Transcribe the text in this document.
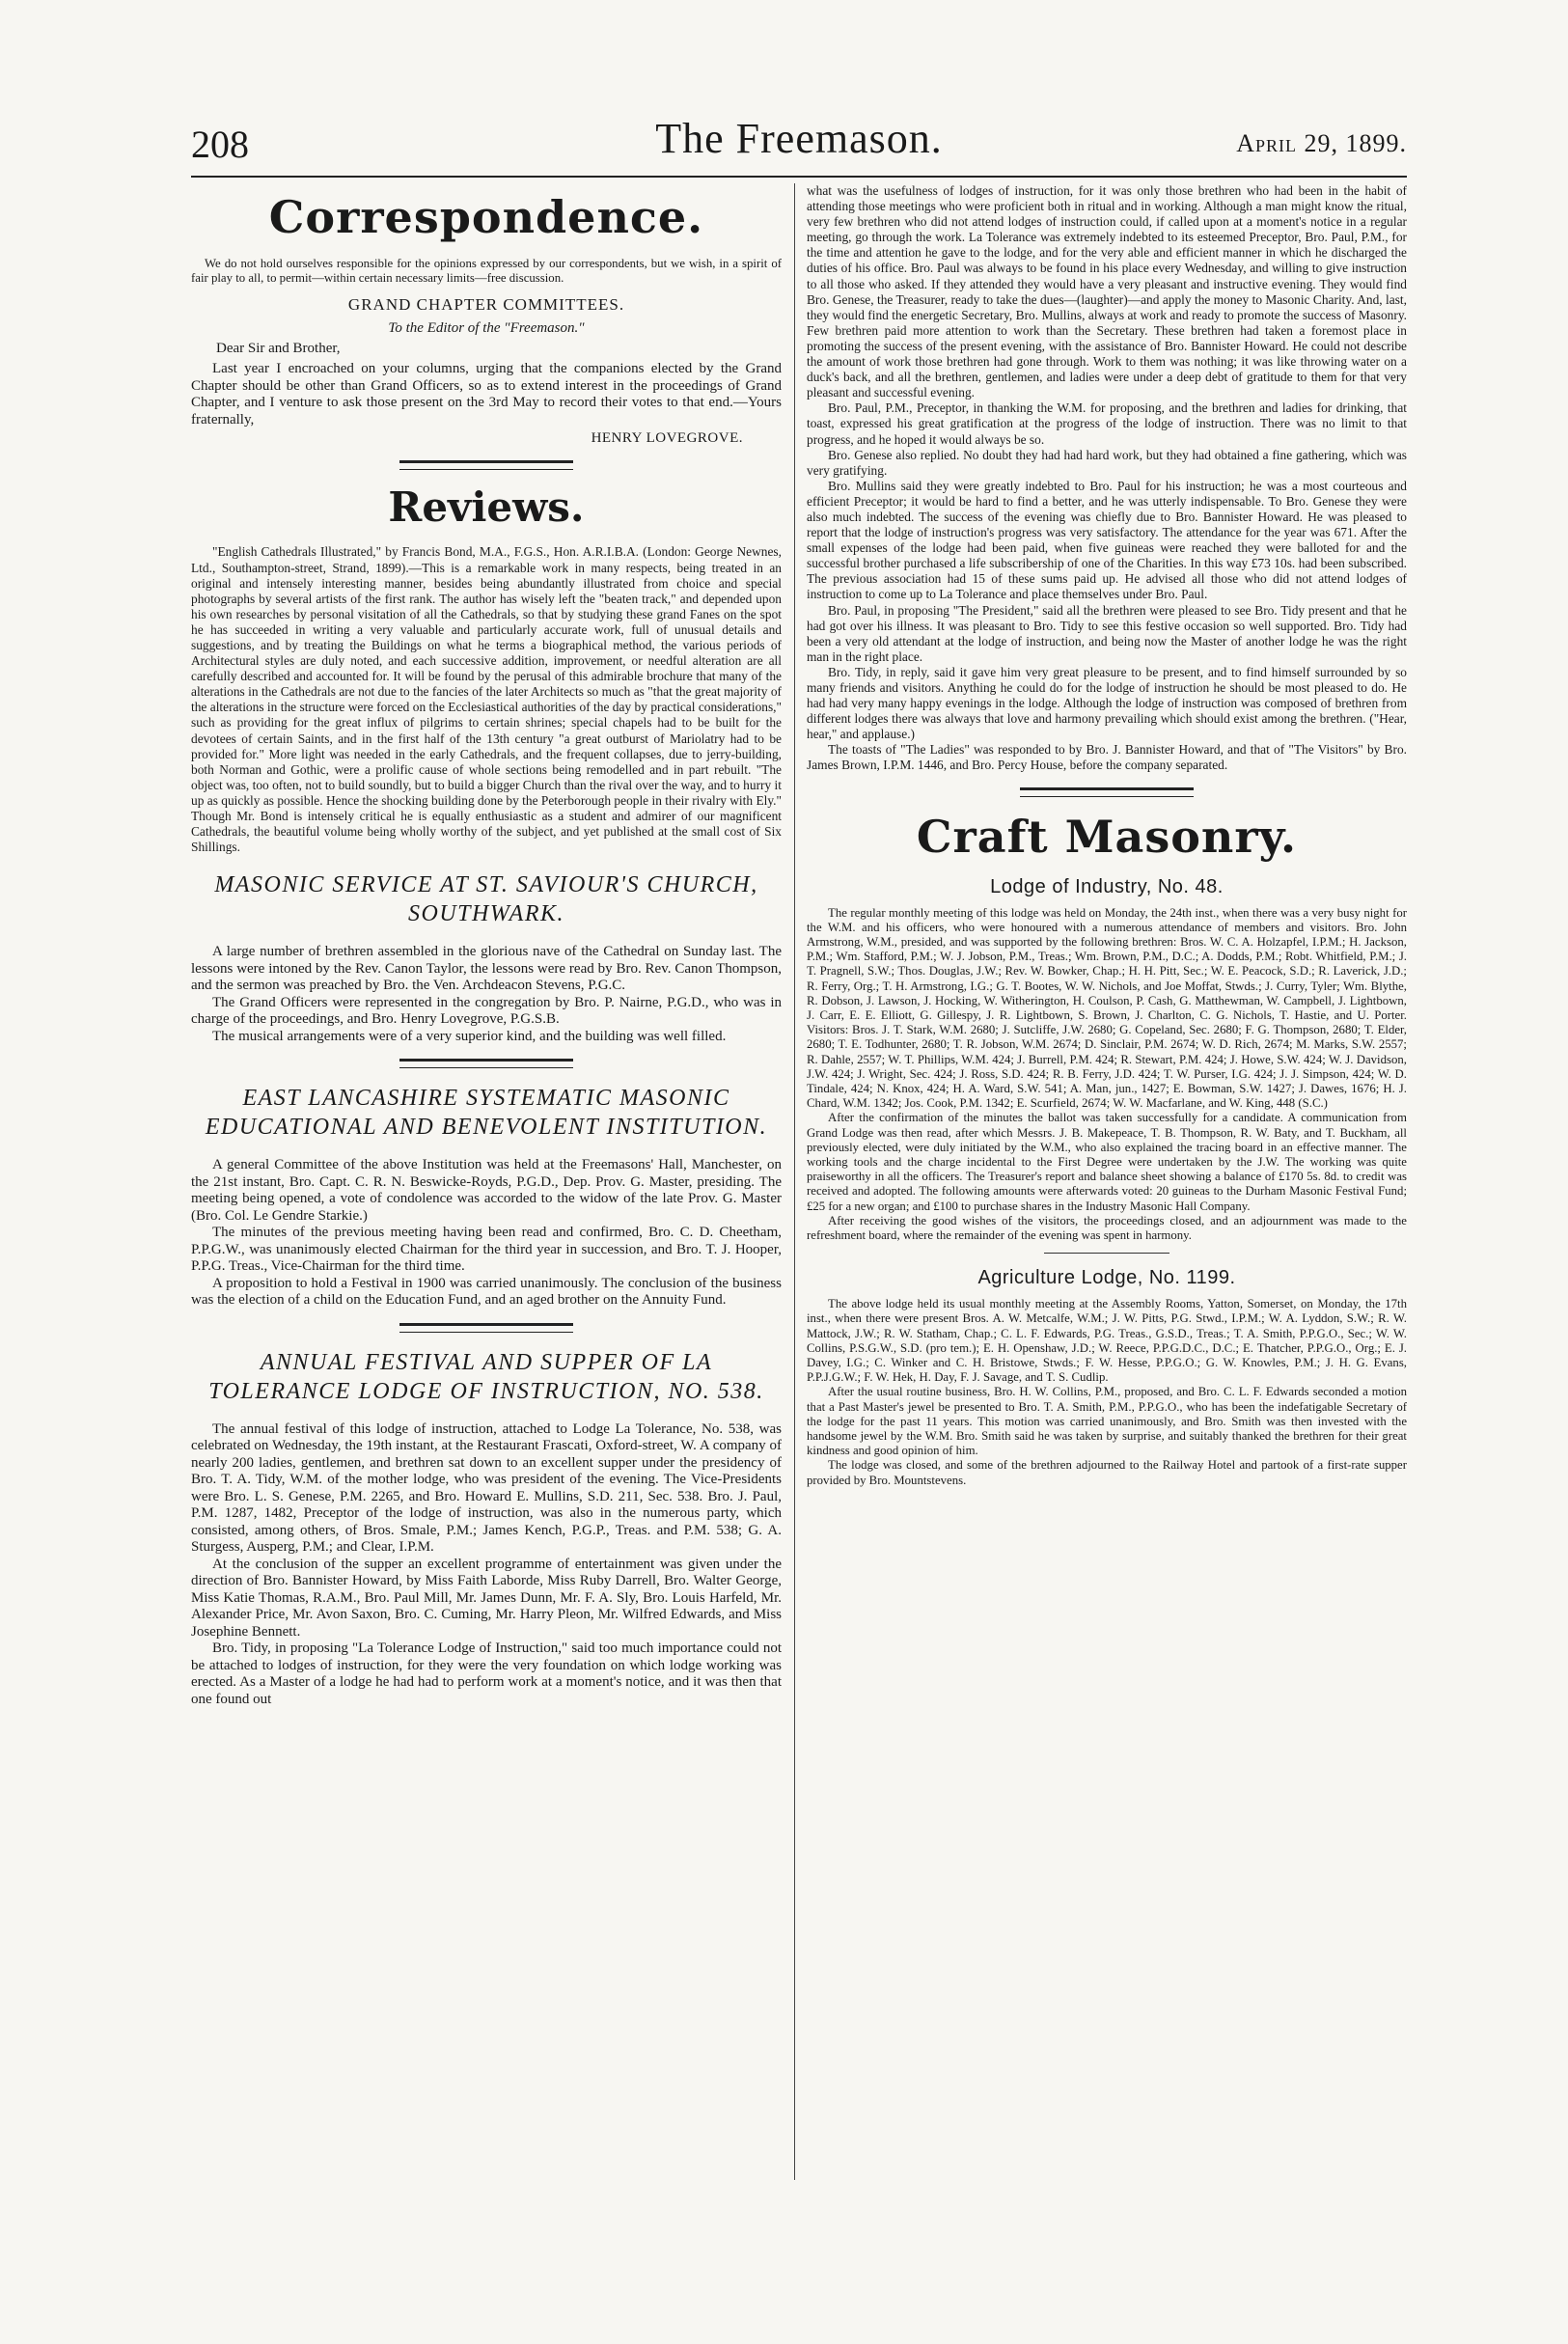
208	The Freemason.	April 29, 1899.
Correspondence.

We do not hold ourselves responsible for the opinions expressed by our correspondents, but we wish, in a spirit of fair play to all, to permit—within certain necessary limits—free discussion.

GRAND CHAPTER COMMITTEES.
To the Editor of the "Freemason."
Dear Sir and Brother,

Last year I encroached on your columns, urging that the companions elected by the Grand Chapter should be other than Grand Officers, so as to extend interest in the proceedings of Grand Chapter, and I venture to ask those present on the 3rd May to record their votes to that end.—Yours fraternally,

HENRY LOVEGROVE.
Reviews.

"English Cathedrals Illustrated," by Francis Bond, M.A., F.G.S., Hon. A.R.I.B.A. (London: George Newnes, Ltd., Southampton-street, Strand, 1899).—This is a remarkable work in many respects, being treated in an original and intensely interesting manner, besides being abundantly illustrated from choice and special photographs by several artists of the first rank. The author has wisely left the "beaten track," and depended upon his own researches by personal visitation of all the Cathedrals, so that by studying these grand Fanes on the spot he has succeeded in writing a very valuable and particularly accurate work, full of unusual details and suggestions, and by treating the Buildings on what he terms a biographical method, the various periods of Architectural styles are duly noted, and each successive addition, improvement, or needful alteration are all carefully described and accounted for. It will be found by the perusal of this admirable brochure that many of the alterations in the Cathedrals are not due to the fancies of the later Architects so much as "that the great majority of the alterations in the structure were forced on the Ecclesiastical authorities of the day by practical considerations," such as providing for the great influx of pilgrims to certain shrines; special chapels had to be built for the devotees of certain Saints, and in the first half of the 13th century "a great outburst of Mariolatry had to be provided for." More light was needed in the early Cathedrals, and the frequent collapses, due to jerry-building, both Norman and Gothic, were a prolific cause of whole sections being remodelled and in part rebuilt. "The object was, too often, not to build soundly, but to build a bigger Church than the rival over the way, and to hurry it up as quickly as possible. Hence the shocking building done by the Peterborough people in their rivalry with Ely." Though Mr. Bond is intensely critical he is equally enthusiastic as a student and admirer of our magnificent Cathedrals, the beautiful volume being wholly worthy of the subject, and yet published at the small cost of Six Shillings.

MASONIC SERVICE AT ST. SAVIOUR'S CHURCH, SOUTHWARK.

A large number of brethren assembled in the glorious nave of the Cathedral on Sunday last. The lessons were intoned by the Rev. Canon Taylor, the lessons were read by Bro. Rev. Canon Thompson, and the sermon was preached by Bro. the Ven. Archdeacon Stevens, P.G.C.

The Grand Officers were represented in the congregation by Bro. P. Nairne, P.G.D., who was in charge of the proceedings, and Bro. Henry Lovegrove, P.G.S.B.

The musical arrangements were of a very superior kind, and the building was well filled.

EAST LANCASHIRE SYSTEMATIC MASONIC EDUCATIONAL AND BENEVOLENT INSTITUTION.

A general Committee of the above Institution was held at the Freemasons' Hall, Manchester, on the 21st instant, Bro. Capt. C. R. N. Beswicke-Royds, P.G.D., Dep. Prov. G. Master, presiding. The meeting being opened, a vote of condolence was accorded to the widow of the late Prov. G. Master (Bro. Col. Le Gendre Starkie.)

The minutes of the previous meeting having been read and confirmed, Bro. C. D. Cheetham, P.P.G.W., was unanimously elected Chairman for the third year in succession, and Bro. T. J. Hooper, P.P.G. Treas., Vice-Chairman for the third time.

A proposition to hold a Festival in 1900 was carried unanimously. The conclusion of the business was the election of a child on the Education Fund, and an aged brother on the Annuity Fund.

ANNUAL FESTIVAL AND SUPPER OF LA TOLERANCE LODGE OF INSTRUCTION, NO. 538.

The annual festival of this lodge of instruction, attached to Lodge La Tolerance, No. 538, was celebrated on Wednesday, the 19th instant, at the Restaurant Frascati, Oxford-street, W. A company of nearly 200 ladies, gentlemen, and brethren sat down to an excellent supper under the presidency of Bro. T. A. Tidy, W.M. of the mother lodge, who was president of the evening. The Vice-Presidents were Bro. L. S. Genese, P.M. 2265, and Bro. Howard E. Mullins, S.D. 211, Sec. 538. Bro. J. Paul, P.M. 1287, 1482, Preceptor of the lodge of instruction, was also in the numerous party, which consisted, among others, of Bros. Smale, P.M.; James Kench, P.G.P., Treas. and P.M. 538; G. A. Sturgess, Ausperg, P.M.; and Clear, I.P.M.

At the conclusion of the supper an excellent programme of entertainment was given under the direction of Bro. Bannister Howard, by Miss Faith Laborde, Miss Ruby Darrell, Bro. Walter George, Miss Katie Thomas, R.A.M., Bro. Paul Mill, Mr. James Dunn, Mr. F. A. Sly, Bro. Louis Harfeld, Mr. Alexander Price, Mr. Avon Saxon, Bro. C. Cuming, Mr. Harry Pleon, Mr. Wilfred Edwards, and Miss Josephine Bennett.

Bro. Tidy, in proposing "La Tolerance Lodge of Instruction," said too much importance could not be attached to lodges of instruction, for they were the very foundation on which lodge working was erected. As a Master of a lodge he had had to perform work at a moment's notice, and it was then that one found out

what was the usefulness of lodges of instruction, for it was only those brethren who had been in the habit of attending those meetings who were proficient both in ritual and in working. Although a man might know the ritual, very few brethren who did not attend lodges of instruction could, if called upon at a moment's notice in a regular meeting, go through the work. La Tolerance was extremely indebted to its esteemed Preceptor, Bro. Paul, P.M., for the time and attention he gave to the lodge, and for the very able and efficient manner in which he discharged the duties of his office. Bro. Paul was always to be found in his place every Wednesday, and willing to give instruction to all those who asked. If they attended they would have a very pleasant and instructive evening. They would find Bro. Genese, the Treasurer, ready to take the dues—(laughter)—and apply the money to Masonic Charity. And, last, they would find the energetic Secretary, Bro. Mullins, always at work and ready to promote the success of Masonry. Few brethren paid more attention to work than the Secretary. These brethren had taken a foremost place in promoting the success of the present evening, with the assistance of Bro. Bannister Howard. He could not describe the amount of work those brethren had gone through. Work to them was nothing; it was like throwing water on a duck's back, and all the brethren, gentlemen, and ladies were under a deep debt of gratitude to them for that very pleasant and successful evening.

Bro. Paul, P.M., Preceptor, in thanking the W.M. for proposing, and the brethren and ladies for drinking, that toast, expressed his great gratification at the progress of the lodge of instruction. There was no limit to that progress, and he hoped it would always be so.

Bro. Genese also replied. No doubt they had had hard work, but they had obtained a fine gathering, which was very gratifying.

Bro. Mullins said they were greatly indebted to Bro. Paul for his instruction; he was a most courteous and efficient Preceptor; it would be hard to find a better, and he was utterly indispensable. To Bro. Genese they were also much indebted. The success of the evening was chiefly due to Bro. Bannister Howard. He was pleased to report that the lodge of instruction's progress was very satisfactory. The attendance for the year was 671. After the small expenses of the lodge had been paid, when five guineas were reached they were balloted for and the successful brother purchased a life subscribership of one of the Charities. In this way £73 10s. had been subscribed. The previous association had 15 of these sums paid up. He advised all those who did not attend lodges of instruction to come up to La Tolerance and place themselves under Bro. Paul.

Bro. Paul, in proposing "The President," said all the brethren were pleased to see Bro. Tidy present and that he had got over his illness. It was pleasant to Bro. Tidy to see this festive occasion so well supported. Bro. Tidy had been a very old attendant at the lodge of instruction, and being now the Master of another lodge he was the right man in the right place.

Bro. Tidy, in reply, said it gave him very great pleasure to be present, and to find himself surrounded by so many friends and visitors. Anything he could do for the lodge of instruction he should be most pleased to do. He had had very many happy evenings in the lodge. Although the lodge of instruction was composed of brethren from different lodges there was always that love and harmony prevailing which should exist among the brethren. ("Hear, hear," and applause.)

The toasts of "The Ladies" was responded to by Bro. J. Bannister Howard, and that of "The Visitors" by Bro. James Brown, I.P.M. 1446, and Bro. Percy House, before the company separated.

Craft Masonry.
Lodge of Industry, No. 48.

The regular monthly meeting of this lodge was held on Monday, the 24th inst., when there was a very busy night for the W.M. and his officers, who were honoured with a numerous attendance of members and visitors. Bro. John Armstrong, W.M., presided, and was supported by the following brethren: Bros. W. C. A. Holzapfel, I.P.M.; H. Jackson, P.M.; Wm. Stafford, P.M.; W. J. Jobson, P.M., Treas.; Wm. Brown, P.M., D.C.; A. Dodds, P.M.; Robt. Whitfield, P.M.; J. T. Pragnell, S.W.; Thos. Douglas, J.W.; Rev. W. Bowker, Chap.; H. H. Pitt, Sec.; W. E. Peacock, S.D.; R. Laverick, J.D.; R. Ferry, Org.; T. H. Armstrong, I.G.; G. T. Bootes, W. W. Nichols, and Joe Moffat, Stwds.; J. Curry, Tyler; Wm. Blythe, R. Dobson, J. Lawson, J. Hocking, W. Witherington, H. Coulson, P. Cash, G. Matthewman, W. Campbell, J. Lightbown, J. Carr, E. E. Elliott, G. Gillespy, J. R. Lightbown, S. Brown, J. Charlton, C. G. Nichols, T. Hastie, and U. Porter. Visitors: Bros. J. T. Stark, W.M. 2680; J. Sutcliffe, J.W. 2680; G. Copeland, Sec. 2680; F. G. Thompson, 2680; T. Elder, 2680; T. E. Todhunter, 2680; T. R. Jobson, W.M. 2674; D. Sinclair, P.M. 2674; W. D. Rich, 2674; M. Marks, S.W. 2557; R. Dahle, 2557; W. T. Phillips, W.M. 424; J. Burrell, P.M. 424; R. Stewart, P.M. 424; J. Howe, S.W. 424; W. J. Davidson, J.W. 424; J. Wright, Sec. 424; J. Ross, S.D. 424; R. B. Ferry, J.D. 424; T. W. Purser, I.G. 424; J. J. Simpson, 424; W. D. Tindale, 424; N. Knox, 424; H. A. Ward, S.W. 541; A. Man, jun., 1427; E. Bowman, S.W. 1427; J. Dawes, 1676; H. J. Chard, W.M. 1342; Jos. Cook, P.M. 1342; E. Scurfield, 2674; W. W. Macfarlane, and W. King, 448 (S.C.)

After the confirmation of the minutes the ballot was taken successfully for a candidate. A communication from Grand Lodge was then read, after which Messrs. J. B. Makepeace, T. B. Thompson, R. W. Baty, and T. Buckham, all previously elected, were duly initiated by the W.M., who also explained the tracing board in an effective manner. The working tools and the charge incidental to the First Degree were undertaken by the J.W. The working was quite praiseworthy in all the officers. The Treasurer's report and balance sheet showing a balance of £170 5s. 8d. to credit was received and adopted. The following amounts were afterwards voted: 20 guineas to the Durham Masonic Festival Fund; £25 for a new organ; and £100 to purchase shares in the Industry Masonic Hall Company.

After receiving the good wishes of the visitors, the proceedings closed, and an adjournment was made to the refreshment board, where the remainder of the evening was spent in harmony.

Agriculture Lodge, No. 1199.

The above lodge held its usual monthly meeting at the Assembly Rooms, Yatton, Somerset, on Monday, the 17th inst., when there were present Bros. A. W. Metcalfe, W.M.; J. W. Pitts, P.G. Stwd., I.P.M.; W. A. Lyddon, S.W.; R. W. Mattock, J.W.; R. W. Statham, Chap.; C. L. F. Edwards, P.G. Treas., G.S.D., Treas.; T. A. Smith, P.P.G.O., Sec.; W. W. Collins, P.S.G.W., S.D. (pro tem.); E. H. Openshaw, J.D.; W. Reece, P.P.G.D.C., D.C.; E. Thatcher, P.P.G.O., Org.; E. J. Davey, I.G.; C. Winker and C. H. Bristowe, Stwds.; F. W. Hesse, P.P.G.O.; G. W. Knowles, P.M.; J. H. G. Evans, P.P.J.G.W.; F. W. Hek, H. Day, F. J. Savage, and T. S. Cudlip.

After the usual routine business, Bro. H. W. Collins, P.M., proposed, and Bro. C. L. F. Edwards seconded a motion that a Past Master's jewel be presented to Bro. T. A. Smith, P.M., P.P.G.O., who has been the indefatigable Secretary of the lodge for the past 11 years. This motion was carried unanimously, and Bro. Smith was then invested with the handsome jewel by the W.M. Bro. Smith said he was taken by surprise, and suitably thanked the brethren for their great kindness and good opinion of him.

The lodge was closed, and some of the brethren adjourned to the Railway Hotel and partook of a first-rate supper provided by Bro. Mountstevens.
